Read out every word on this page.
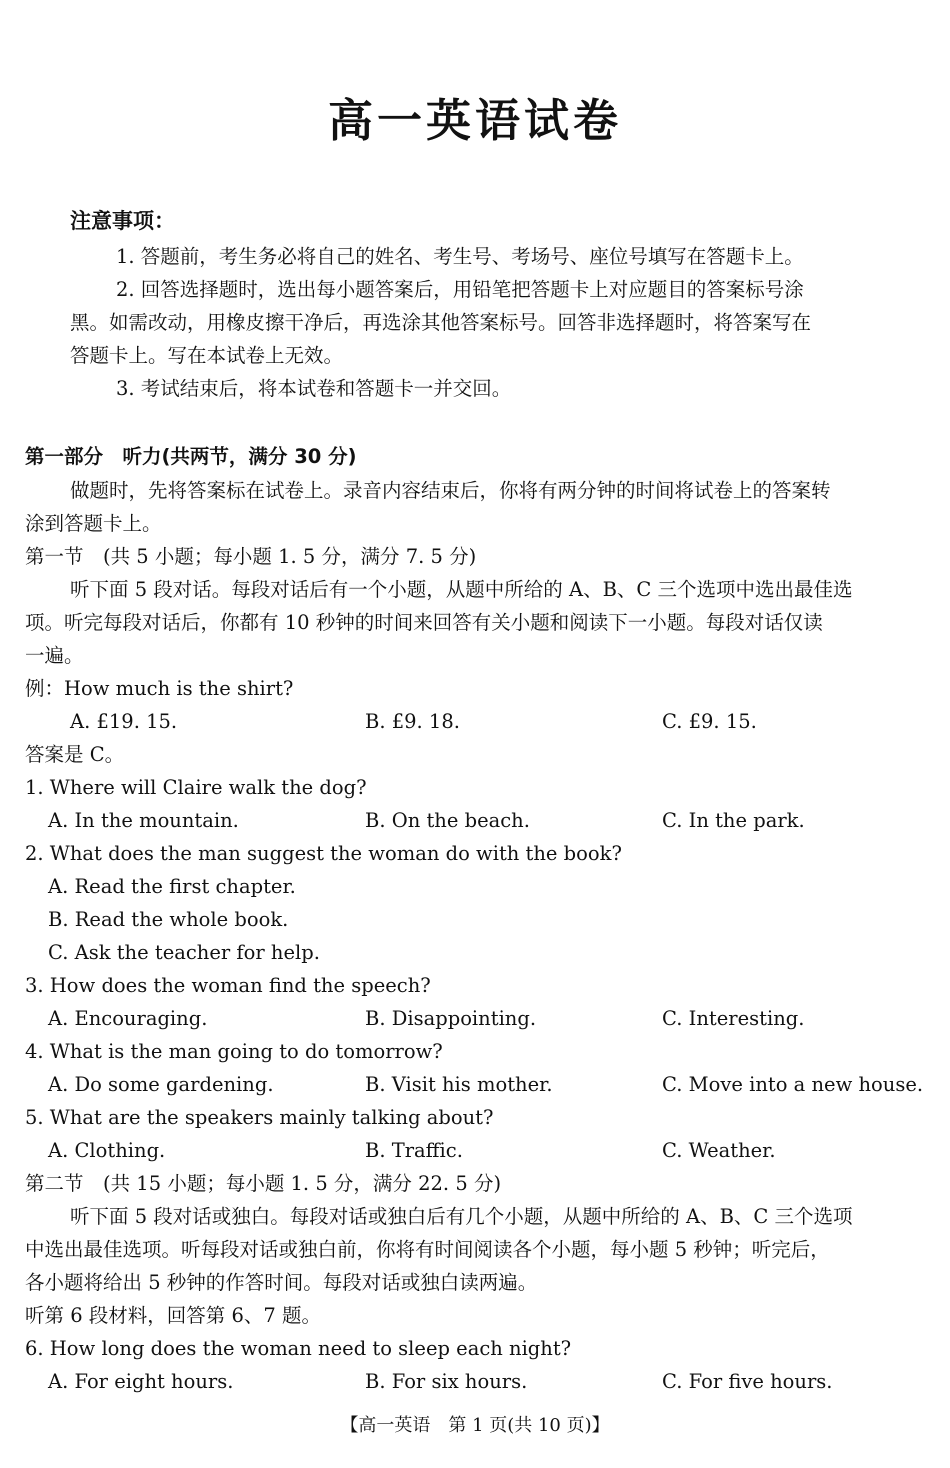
高一英语试卷
注意事项：
1. 答题前，考生务必将自己的姓名、考生号、考场号、座位号填写在答题卡上。
2. 回答选择题时，选出每小题答案后，用铅笔把答题卡上对应题目的答案标号涂
黑。如需改动，用橡皮擦干净后，再选涂其他答案标号。回答非选择题时，将答案写在
答题卡上。写在本试卷上无效。
3. 考试结束后，将本试卷和答题卡一并交回。
第一部分　听力(共两节，满分 30 分)
做题时，先将答案标在试卷上。录音内容结束后，你将有两分钟的时间将试卷上的答案转
涂到答题卡上。
第一节　(共 5 小题；每小题 1. 5 分，满分 7. 5 分)
听下面 5 段对话。每段对话后有一个小题，从题中所给的 A、B、C 三个选项中选出最佳选
项。听完每段对话后，你都有 10 秒钟的时间来回答有关小题和阅读下一小题。每段对话仅读
一遍。
例：How much is the shirt?
A. £19. 15.	B. £9. 18.	C. £9. 15.
答案是 C。
1. Where will Claire walk the dog?
A. In the mountain.	B. On the beach.	C. In the park.
2. What does the man suggest the woman do with the book?
A. Read the first chapter.
B. Read the whole book.
C. Ask the teacher for help.
3. How does the woman find the speech?
A. Encouraging.	B. Disappointing.	C. Interesting.
4. What is the man going to do tomorrow?
A. Do some gardening.	B. Visit his mother.	C. Move into a new house.
5. What are the speakers mainly talking about?
A. Clothing.	B. Traffic.	C. Weather.
第二节　(共 15 小题；每小题 1. 5 分，满分 22. 5 分)
听下面 5 段对话或独白。每段对话或独白后有几个小题，从题中所给的 A、B、C 三个选项
中选出最佳选项。听每段对话或独白前，你将有时间阅读各个小题，每小题 5 秒钟；听完后，
各小题将给出 5 秒钟的作答时间。每段对话或独白读两遍。
听第 6 段材料，回答第 6、7 题。
6. How long does the woman need to sleep each night?
A. For eight hours.	B. For six hours.	C. For five hours.
【高一英语　第 1 页(共 10 页)】
